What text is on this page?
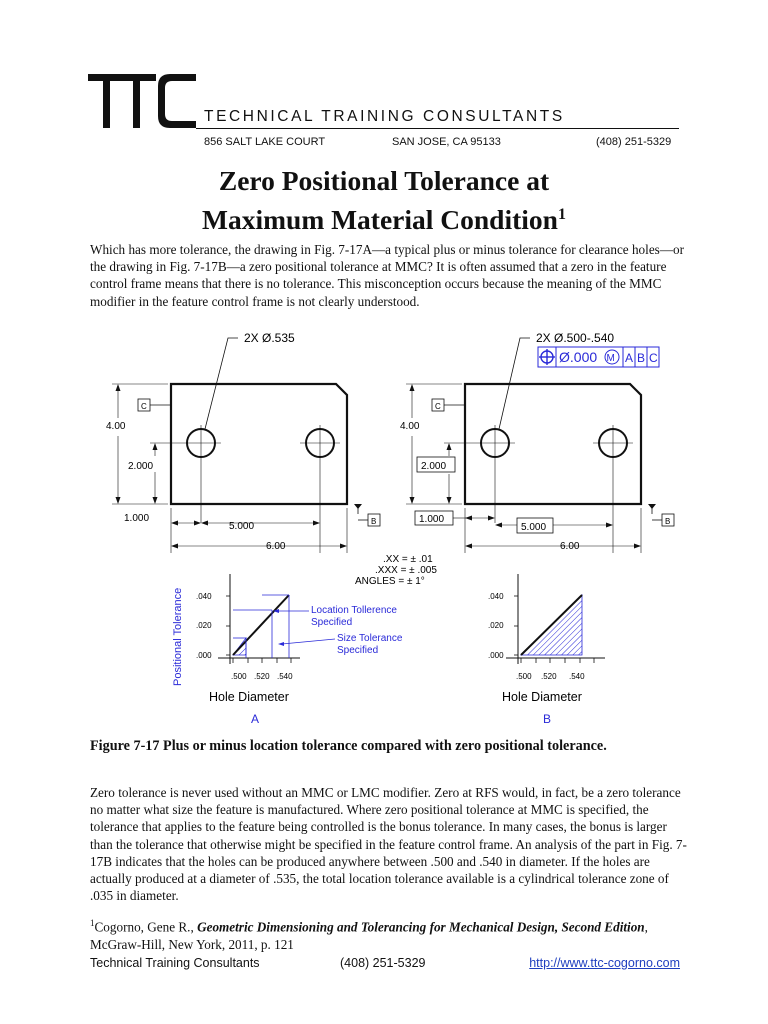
TECHNICAL TRAINING CONSULTANTS
856 SALT LAKE COURT	SAN JOSE, CA 95133	(408) 251-5329
Zero Positional Tolerance at
Maximum Material Condition$^1$
Which has more tolerance, the drawing in Fig. 7-17A—a typical plus or minus tolerance for clearance holes—or the drawing in Fig. 7-17B—a zero positional tolerance at MMC? It is often assumed that a zero in the feature control frame means that there is no tolerance. This misconception occurs because the meaning of the MMC modifier in the feature control frame is not clearly understood.
2X Ø.535
C
B
4.00
2.000
1.000
5.000
6.00
2X Ø.500-.540
Ø.000 M A B C
C
B
4.00
2.000
1.000
5.000
6.00
.XX = ± .01
.XXX = ± .005
ANGLES = ± 1°
.040
.020
.000
.500 .520 .540
Location Tollerence
Specified
Size Tolerance
Specified
Positional Tolerance
Hole Diameter
A
.040
.020
.000
.500 .520 .540
Hole Diameter
B
Figure 7-17 Plus or minus location tolerance compared with zero positional tolerance.
Zero tolerance is never used without an MMC or LMC modifier. Zero at RFS would, in fact, be a zero tolerance no matter what size the feature is manufactured. Where zero positional tolerance at MMC is specified, the tolerance that applies to the feature being controlled is the bonus tolerance. In many cases, the bonus is larger than the tolerance that otherwise might be specified in the feature control frame. An analysis of the part in Fig. 7-17B indicates that the holes can be produced anywhere between .500 and .540 in diameter. If the holes are actually produced at a diameter of .535, the total location tolerance available is a cylindrical tolerance zone of .035 in diameter.
$^1$Cogorno, Gene R., Geometric Dimensioning and Tolerancing for Mechanical Design, Second Edition, McGraw-Hill, New York, 2011, p. 121
Technical Training Consultants	(408) 251-5329	http://www.ttc-cogorno.com
